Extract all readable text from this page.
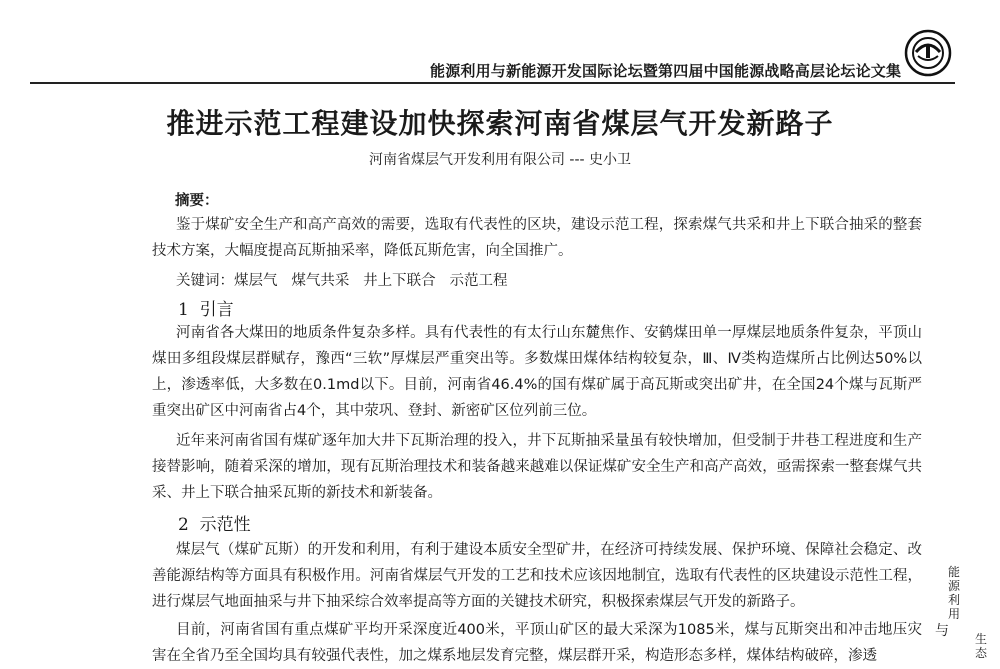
能源利用与新能源开发国际论坛暨第四届中国能源战略高层论坛论文集
推进示范工程建设加快探索河南省煤层气开发新路子
河南省煤层气开发利用有限公司 --- 史小卫
摘要：
鉴于煤矿安全生产和高产高效的需要，选取有代表性的区块，建设示范工程，探索煤气共采和井上下联合抽采的整套技术方案，大幅度提高瓦斯抽采率，降低瓦斯危害，向全国推广。
关键词：煤层气   煤气共采   井上下联合   示范工程
1  引言
河南省各大煤田的地质条件复杂多样。具有代表性的有太行山东麓焦作、安鹤煤田单一厚煤层地质条件复杂，平顶山煤田多组段煤层群赋存，豫西“三软”厚煤层严重突出等。多数煤田煤体结构较复杂，Ⅲ、Ⅳ类构造煤所占比例达50%以上，渗透率低，大多数在0.1md以下。目前，河南省46.4%的国有煤矿属于高瓦斯或突出矿井，在全国24个煤与瓦斯严重突出矿区中河南省占4个，其中荥巩、登封、新密矿区位列前三位。
近年来河南省国有煤矿逐年加大井下瓦斯治理的投入，井下瓦斯抽采量虽有较快增加，但受制于井巷工程进度和生产接替影响，随着采深的增加，现有瓦斯治理技术和装备越来越难以保证煤矿安全生产和高产高效，亟需探索一整套煤气共采、井上下联合抽采瓦斯的新技术和新装备。
2  示范性
煤层气（煤矿瓦斯）的开发和利用，有利于建设本质安全型矿井，在经济可持续发展、保护环境、保障社会稳定、改善能源结构等方面具有积极作用。河南省煤层气开发的工艺和技术应该因地制宜，选取有代表性的区块建设示范性工程，进行煤层气地面抽采与井下抽采综合效率提高等方面的关键技术研究，积极探索煤层气开发的新路子。
目前，河南省国有重点煤矿平均开采深度近400米，平顶山矿区的最大采深为1085米，煤与瓦斯突出和冲击地压灾害在全省乃至全国均具有较强代表性，加之煤系地层发育完整，煤层群开采，构造形态多样，煤体结构破碎，渗透
能源利用
与 生态
